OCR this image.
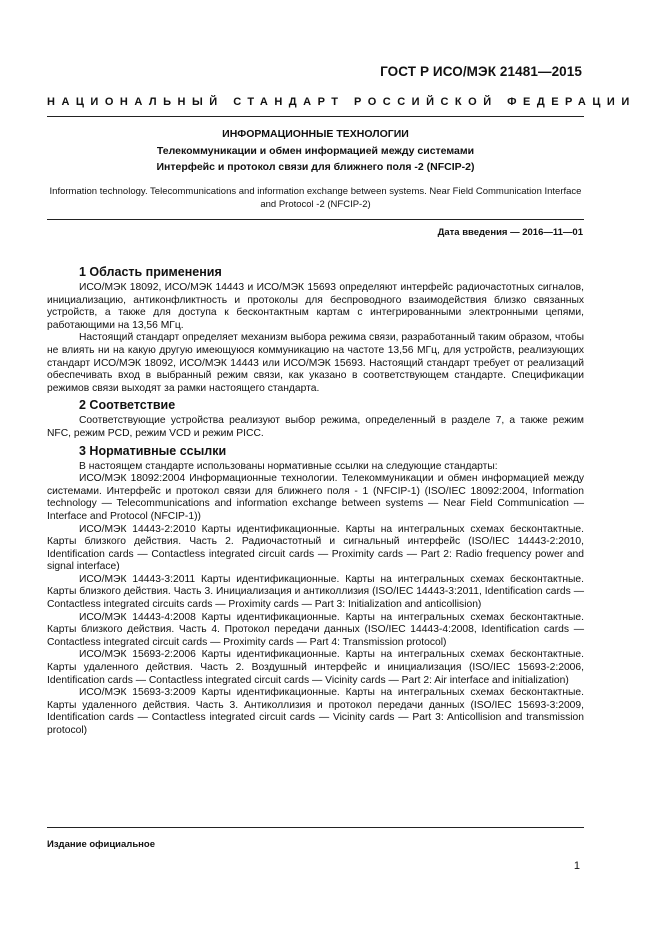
ГОСТ Р ИСО/МЭК 21481—2015
НАЦИОНАЛЬНЫЙ СТАНДАРТ РОССИЙСКОЙ ФЕДЕРАЦИИ
ИНФОРМАЦИОННЫЕ ТЕХНОЛОГИИ
Телекоммуникации и обмен информацией между системами
Интерфейс и протокол связи для ближнего поля -2 (NFCIP-2)
Information technology. Telecommunications and information exchange between systems. Near Field Communication Interface and Protocol -2 (NFCIP-2)
Дата введения — 2016—11—01
1 Область применения

ИСО/МЭК 18092, ИСО/МЭК 14443 и ИСО/МЭК 15693 определяют интерфейс радиочастотных сигналов, инициализацию, антиконфликтность и протоколы для беспроводного взаимодействия близко связанных устройств, а также для доступа к бесконтактным картам с интегрированными электронными цепями, работающими на 13,56 МГц.

Настоящий стандарт определяет механизм выбора режима связи, разработанный таким образом, чтобы не влиять ни на какую другую имеющуюся коммуникацию на частоте 13,56 МГц, для устройств, реализующих стандарт ИСО/МЭК 18092, ИСО/МЭК 14443 или ИСО/МЭК 15693. Настоящий стандарт требует от реализаций обеспечивать вход в выбранный режим связи, как указано в соответствующем стандарте. Спецификации режимов связи выходят за рамки настоящего стандарта.

2 Соответствие

Соответствующие устройства реализуют выбор режима, определенный в разделе 7, а также режим NFC, режим PCD, режим VCD и режим PICC.

3 Нормативные ссылки

В настоящем стандарте использованы нормативные ссылки на следующие стандарты:

ИСО/МЭК 18092:2004 Информационные технологии. Телекоммуникации и обмен информацией между системами. Интерфейс и протокол связи для ближнего поля - 1 (NFCIP-1) (ISO/IEC 18092:2004, Information technology — Telecommunications and information exchange between systems — Near Field Communication — Interface and Protocol (NFCIP-1))

ИСО/МЭК 14443-2:2010 Карты идентификационные. Карты на интегральных схемах бесконтактные. Карты близкого действия. Часть 2. Радиочастотный и сигнальный интерфейс (ISO/IEC 14443-2:2010, Identification cards — Contactless integrated circuit cards — Proximity cards — Part 2: Radio frequency power and signal interface)

ИСО/МЭК 14443-3:2011 Карты идентификационные. Карты на интегральных схемах бесконтактные. Карты близкого действия. Часть 3. Инициализация и антиколлизия (ISO/IEC 14443-3:2011, Identification cards — Contactless integrated circuits cards — Proximity cards — Part 3: Initialization and anticollision)

ИСО/МЭК 14443-4:2008 Карты идентификационные. Карты на интегральных схемах бесконтактные. Карты близкого действия. Часть 4. Протокол передачи данных (ISO/IEC 14443-4:2008, Identification cards — Contactless integrated circuit cards — Proximity cards — Part 4: Transmission protocol)

ИСО/МЭК 15693-2:2006 Карты идентификационные. Карты на интегральных схемах бесконтактные. Карты удаленного действия. Часть 2. Воздушный интерфейс и инициализация (ISO/IEC 15693-2:2006, Identification cards — Contactless integrated circuit cards — Vicinity cards — Part 2: Air interface and initialization)

ИСО/МЭК 15693-3:2009 Карты идентификационные. Карты на интегральных схемах бесконтактные. Карты удаленного действия. Часть 3. Антиколлизия и протокол передачи данных (ISO/IEC 15693-3:2009, Identification cards — Contactless integrated circuit cards — Vicinity cards — Part 3: Anticollision and transmission protocol)

Издание официальное
1
